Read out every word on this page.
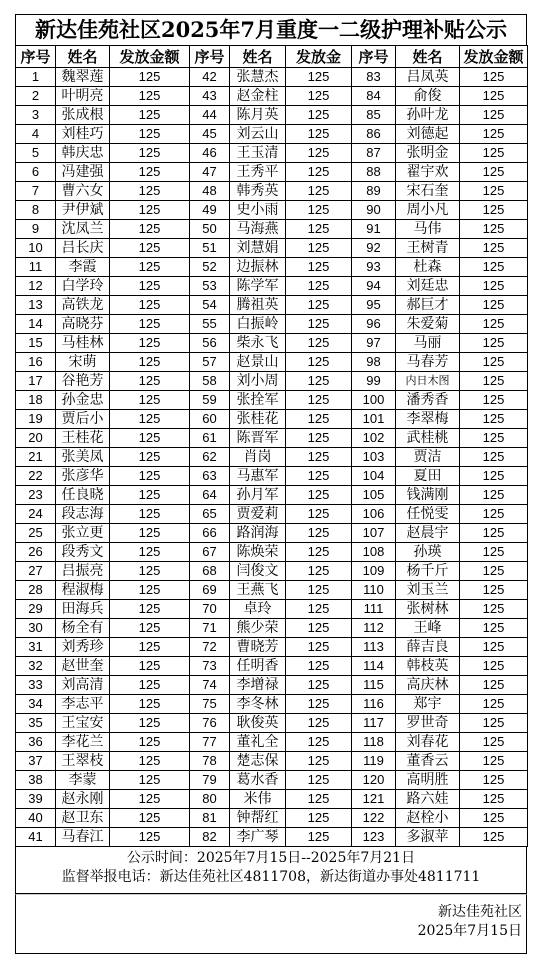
新达佳苑社区2025年7月重度一二级护理补贴公示
序号	姓名	发放金额	序号	姓名	发放金	序号	姓名	发放金额
1	魏翠莲	125	42	张慧杰	125	83	吕凤英	125
2	叶明亮	125	43	赵金柱	125	84	俞俊	125
3	张成根	125	44	陈月英	125	85	孙叶龙	125
4	刘桂巧	125	45	刘云山	125	86	刘德起	125
5	韩庆忠	125	46	王玉清	125	87	张明金	125
6	冯建强	125	47	王秀平	125	88	翟宇欢	125
7	曹六女	125	48	韩秀英	125	89	宋石奎	125
8	尹伊斌	125	49	史小雨	125	90	周小凡	125
9	沈凤兰	125	50	马海燕	125	91	马伟	125
10	吕长庆	125	51	刘慧娟	125	92	王树青	125
11	李霞	125	52	边振林	125	93	杜森	125
12	白学玲	125	53	陈学军	125	94	刘廷忠	125
13	高铁龙	125	54	腾祖英	125	95	郝巨才	125
14	高晓芬	125	55	白振岭	125	96	朱爱菊	125
15	马桂林	125	56	柴永飞	125	97	马丽	125
16	宋萌	125	57	赵景山	125	98	马春芳	125
17	谷艳芳	125	58	刘小周	125	99	内日木图	125
18	孙金忠	125	59	张拴军	125	100	潘秀香	125
19	贾后小	125	60	张桂花	125	101	李翠梅	125
20	王桂花	125	61	陈晋军	125	102	武桂桃	125
21	张美凤	125	62	肖岗	125	103	贾洁	125
22	张彦华	125	63	马惠军	125	104	夏田	125
23	任良晓	125	64	孙月军	125	105	钱满刚	125
24	段志海	125	65	贾爱莉	125	106	任悦雯	125
25	张立更	125	66	路润海	125	107	赵晨宇	125
26	段秀文	125	67	陈焕荣	125	108	孙瑛	125
27	吕振亮	125	68	闫俊文	125	109	杨千斤	125
28	程淑梅	125	69	王燕飞	125	110	刘玉兰	125
29	田海兵	125	70	卓玲	125	111	张树林	125
30	杨全有	125	71	熊少荣	125	112	王峰	125
31	刘秀珍	125	72	曹晓芳	125	113	薛吉良	125
32	赵世奎	125	73	任明香	125	114	韩枝英	125
33	刘高清	125	74	李增禄	125	115	高庆林	125
34	李志平	125	75	李冬林	125	116	郑宇	125
35	王宝安	125	76	耿俊英	125	117	罗世奇	125
36	李花兰	125	77	董礼全	125	118	刘春花	125
37	王翠枝	125	78	楚志保	125	119	董香云	125
38	李蒙	125	79	葛水香	125	120	高明胜	125
39	赵永刚	125	80	米伟	125	121	路六娃	125
40	赵卫东	125	81	钟帮红	125	122	赵栓小	125
41	马春江	125	82	李广琴	125	123	多淑苹	125
公示时间：2025年7月15日--2025年7月21日
监督举报电话：新达佳苑社区4811708，新达街道办事处4811711
新达佳苑社区
2025年7月15日
